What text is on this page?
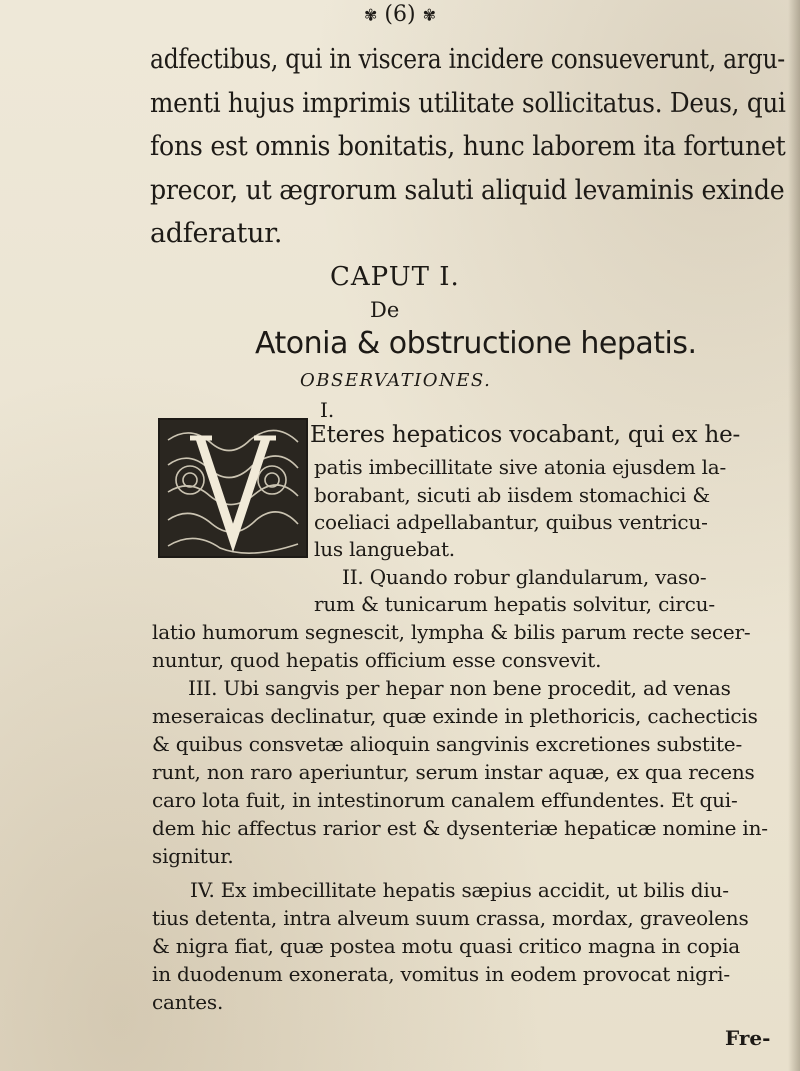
✾ (6) ✾
adfectibus, qui in viscera incidere consueverunt, argu-
menti hujus imprimis utilitate sollicitatus. Deus, qui
fons est omnis bonitatis, hunc laborem ita fortunet
precor, ut ægrorum saluti aliquid levaminis exinde
adferatur.
CAPUT I.
De
Atonia & obstructione hepatis.
OBSERVATIONES.
I.
Eteres hepaticos vocabant, qui ex he-
patis imbecillitate sive atonia ejusdem la-
borabant, sicuti ab iisdem stomachici &
coeliaci adpellabantur, quibus ventricu-
lus languebat.
II. Quando robur glandularum, vaso-
rum & tunicarum hepatis solvitur, circu-
latio humorum segnescit, lympha & bilis parum recte secer-
nuntur, quod hepatis officium esse consvevit.
III. Ubi sangvis per hepar non bene procedit, ad venas
meseraicas declinatur, quæ exinde in plethoricis, cachecticis
& quibus consvetæ alioquin sangvinis excretiones substite-
runt, non raro aperiuntur, serum instar aquæ, ex qua recens
caro lota fuit, in intestinorum canalem effundentes. Et qui-
dem hic affectus rarior est & dysenteriæ hepaticæ nomine in-
signitur.
IV. Ex imbecillitate hepatis sæpius accidit, ut bilis diu-
tius detenta, intra alveum suum crassa, mordax, graveolens
& nigra fiat, quæ postea motu quasi critico magna in copia
in duodenum exonerata, vomitus in eodem provocat nigri-
cantes.
Fre-
